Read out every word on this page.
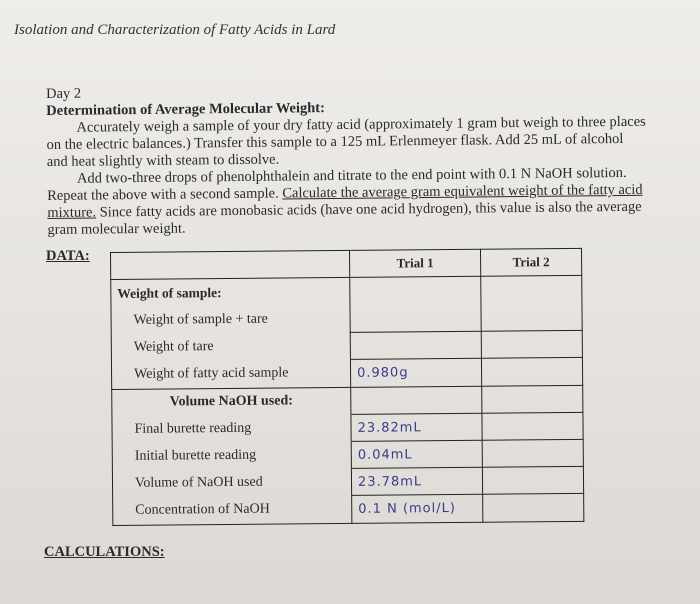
Isolation and Characterization of Fatty Acids in Lard
Day 2
Determination of Average Molecular Weight:

Accurately weigh a sample of your dry fatty acid (approximately 1 gram but weigh to three places on the electric balances.) Transfer this sample to a 125 mL Erlenmeyer flask. Add 25 mL of alcohol and heat slightly with steam to dissolve.

Add two-three drops of phenolphthalein and titrate to the end point with 0.1 N NaOH solution. Repeat the above with a second sample. Calculate the average gram equivalent weight of the fatty acid mixture. Since fatty acids are monobasic acids (have one acid hydrogen), this value is also the average gram molecular weight.

DATA:
		Trial 1	Trial 2
Weight of sample:		
Weight of sample + tare		
Weight of tare		
Weight of fatty acid sample	0.980g	
Volume NaOH used:		
Final burette reading	23.82mL	
Initial burette reading	0.04mL	
Volume of NaOH used	23.78mL	
Concentration of NaOH	0.1 N (mol/L)	
CALCULATIONS:
